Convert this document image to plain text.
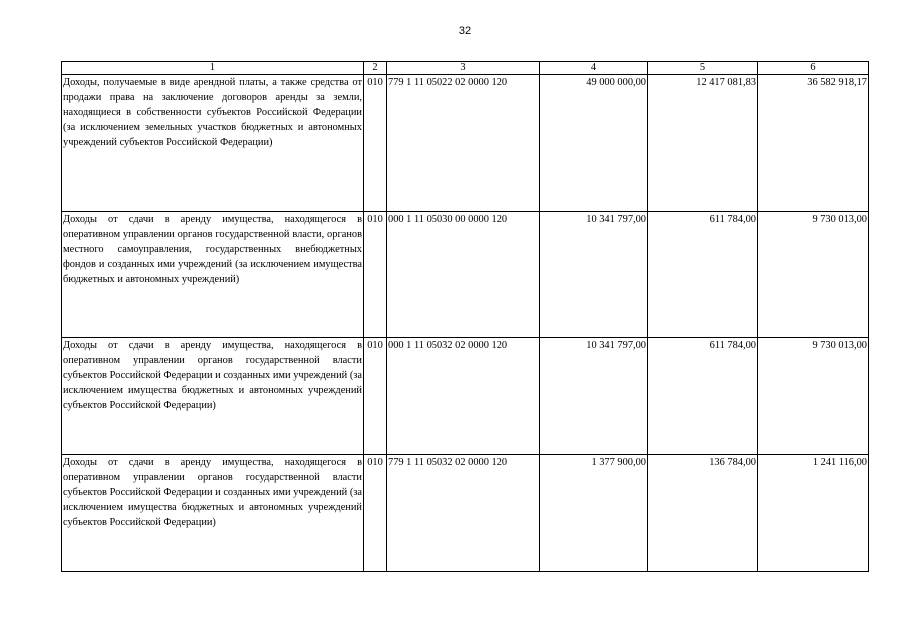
32
1	2	3	4	5	6
Доходы, получаемые в виде арендной платы, а также средства от продажи права на заключение договоров аренды за земли, находящиеся в собственности субъектов Российской Федерации (за исключением земельных участков бюджетных и автономных учреждений субъектов Российской Федерации)	010	779 1 11 05022 02 0000 120	49 000 000,00	12 417 081,83	36 582 918,17
Доходы от сдачи в аренду имущества, находящегося в оперативном управлении органов государственной власти, органов местного самоуправления, государственных внебюджетных фондов и созданных ими учреждений (за исключением имущества бюджетных и автономных учреждений)	010	000 1 11 05030 00 0000 120	10 341 797,00	611 784,00	9 730 013,00
Доходы от сдачи в аренду имущества, находящегося в оперативном управлении органов государственной власти субъектов Российской Федерации и созданных ими учреждений (за исключением имущества бюджетных и автономных учреждений субъектов Российской Федерации)	010	000 1 11 05032 02 0000 120	10 341 797,00	611 784,00	9 730 013,00
Доходы от сдачи в аренду имущества, находящегося в оперативном управлении органов государственной власти субъектов Российской Федерации и созданных ими учреждений (за исключением имущества бюджетных и автономных учреждений субъектов Российской Федерации)	010	779 1 11 05032 02 0000 120	1 377 900,00	136 784,00	1 241 116,00
